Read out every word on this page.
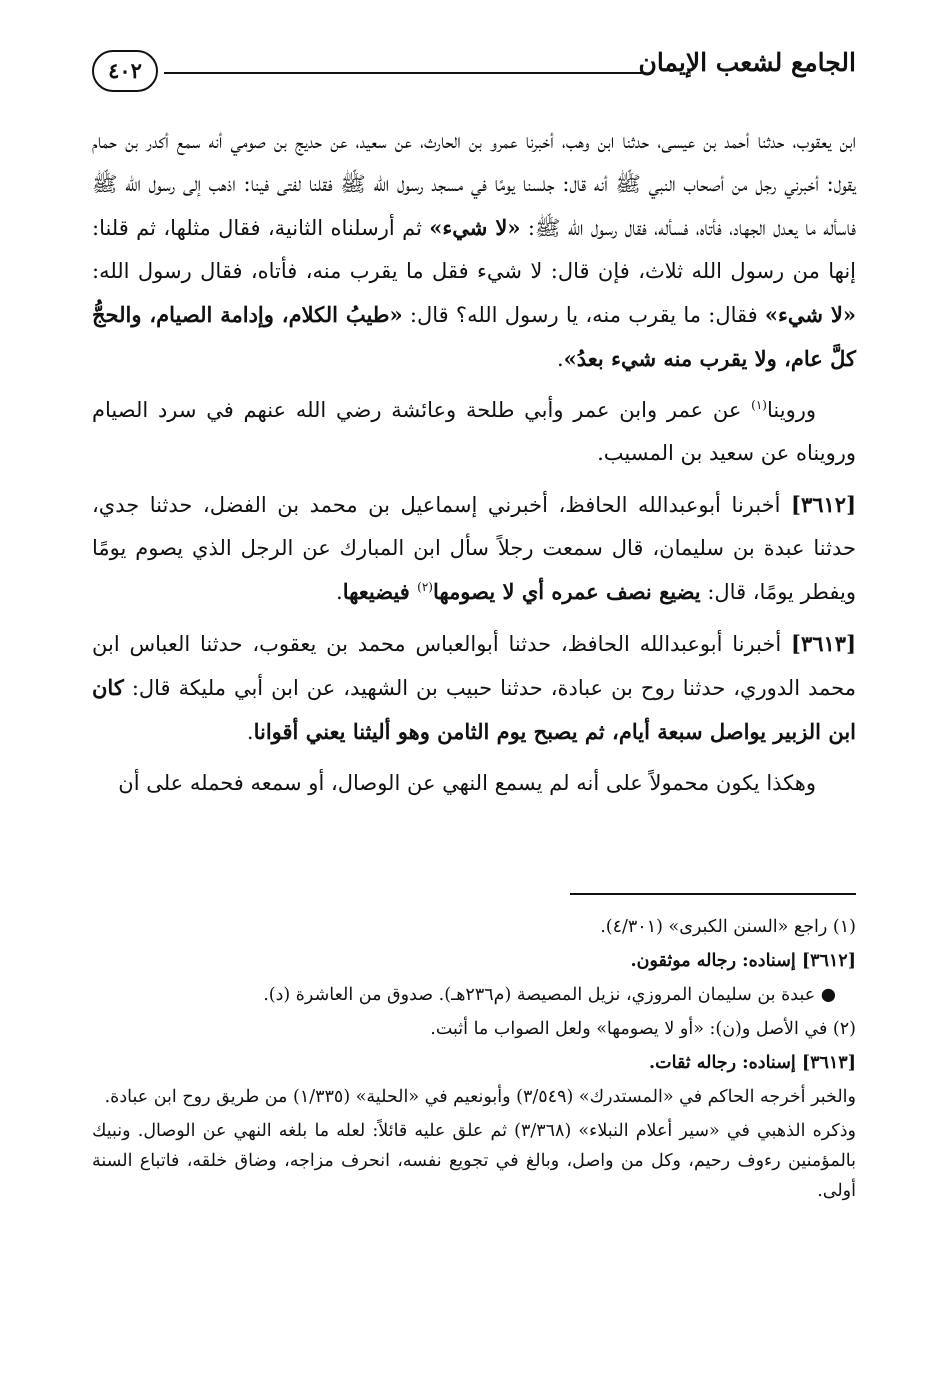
٤٠٢	الجامع لشعب الإيمان

ابن يعقوب، حدثنا أحمد بن عيسى، حدثنا ابن وهب، أخبرنا عمرو بن الحارث، عن سعيد، عن حديج بن صومي أنه سمع أكدر بن حمام يقول: أخبرني رجل من أصحاب النبي ﷺ أنه قال: جلسنا يومًا في مسجد رسول الله ﷺ فقلنا لفتى فينا: اذهب إلى رسول الله ﷺ فاسأله ما يعدل الجهاد، فأتاه، فسأله، فقال رسول الله ﷺ: «لا شيء» ثم أرسلناه الثانية، فقال مثلها، ثم قلنا: إنها من رسول الله ثلاث، فإن قال: لا شيء فقل ما يقرب منه، فأتاه، فقال رسول الله: «لا شيء» فقال: ما يقرب منه، يا رسول الله؟ قال: «طيبُ الكلام، وإدامة الصيام، والحجُّ كلَّ عام، ولا يقرب منه شيء بعدُ».

وروينا$^{(١)}$ عن عمر وابن عمر وأبي طلحة وعائشة رضي الله عنهم في سرد الصيام ورويناه عن سعيد بن المسيب.

[٣٦١٢] أخبرنا أبوعبدالله الحافظ، أخبرني إسماعيل بن محمد بن الفضل، حدثنا جدي، حدثنا عبدة بن سليمان، قال سمعت رجلاً سأل ابن المبارك عن الرجل الذي يصوم يومًا ويفطر يومًا، قال: يضيع نصف عمره أي لا يصومها$^{(٢)}$ فيضيعها.

[٣٦١٣] أخبرنا أبوعبدالله الحافظ، حدثنا أبوالعباس محمد بن يعقوب، حدثنا العباس ابن محمد الدوري، حدثنا روح بن عبادة، حدثنا حبيب بن الشهيد، عن ابن أبي مليكة قال: كان ابن الزبير يواصل سبعة أيام، ثم يصبح يوم الثامن وهو أليثنا يعني أقوانا.

وهكذا يكون محمولاً على أنه لم يسمع النهي عن الوصال، أو سمعه فحمله على أن

(١) راجع «السنن الكبرى» (٤/٣٠١).

[٣٦١٢] إسناده: رجاله موثقون.

● عبدة بن سليمان المروزي، نزيل المصيصة (م٢٣٦هـ). صدوق من العاشرة (د).

(٢) في الأصل و(ن): «أو لا يصومها» ولعل الصواب ما أثبت.

[٣٦١٣] إسناده: رجاله ثقات.

والخبر أخرجه الحاكم في «المستدرك» (٣/٥٤٩) وأبونعيم في «الحلية» (١/٣٣٥) من طريق روح ابن عبادة.

وذكره الذهبي في «سير أعلام النبلاء» (٣/٣٦٨) ثم علق عليه قائلاً: لعله ما بلغه النهي عن الوصال. ونبيك بالمؤمنين رءوف رحيم، وكل من واصل، وبالغ في تجويع نفسه، انحرف مزاجه، وضاق خلقه، فاتباع السنة أولى.
